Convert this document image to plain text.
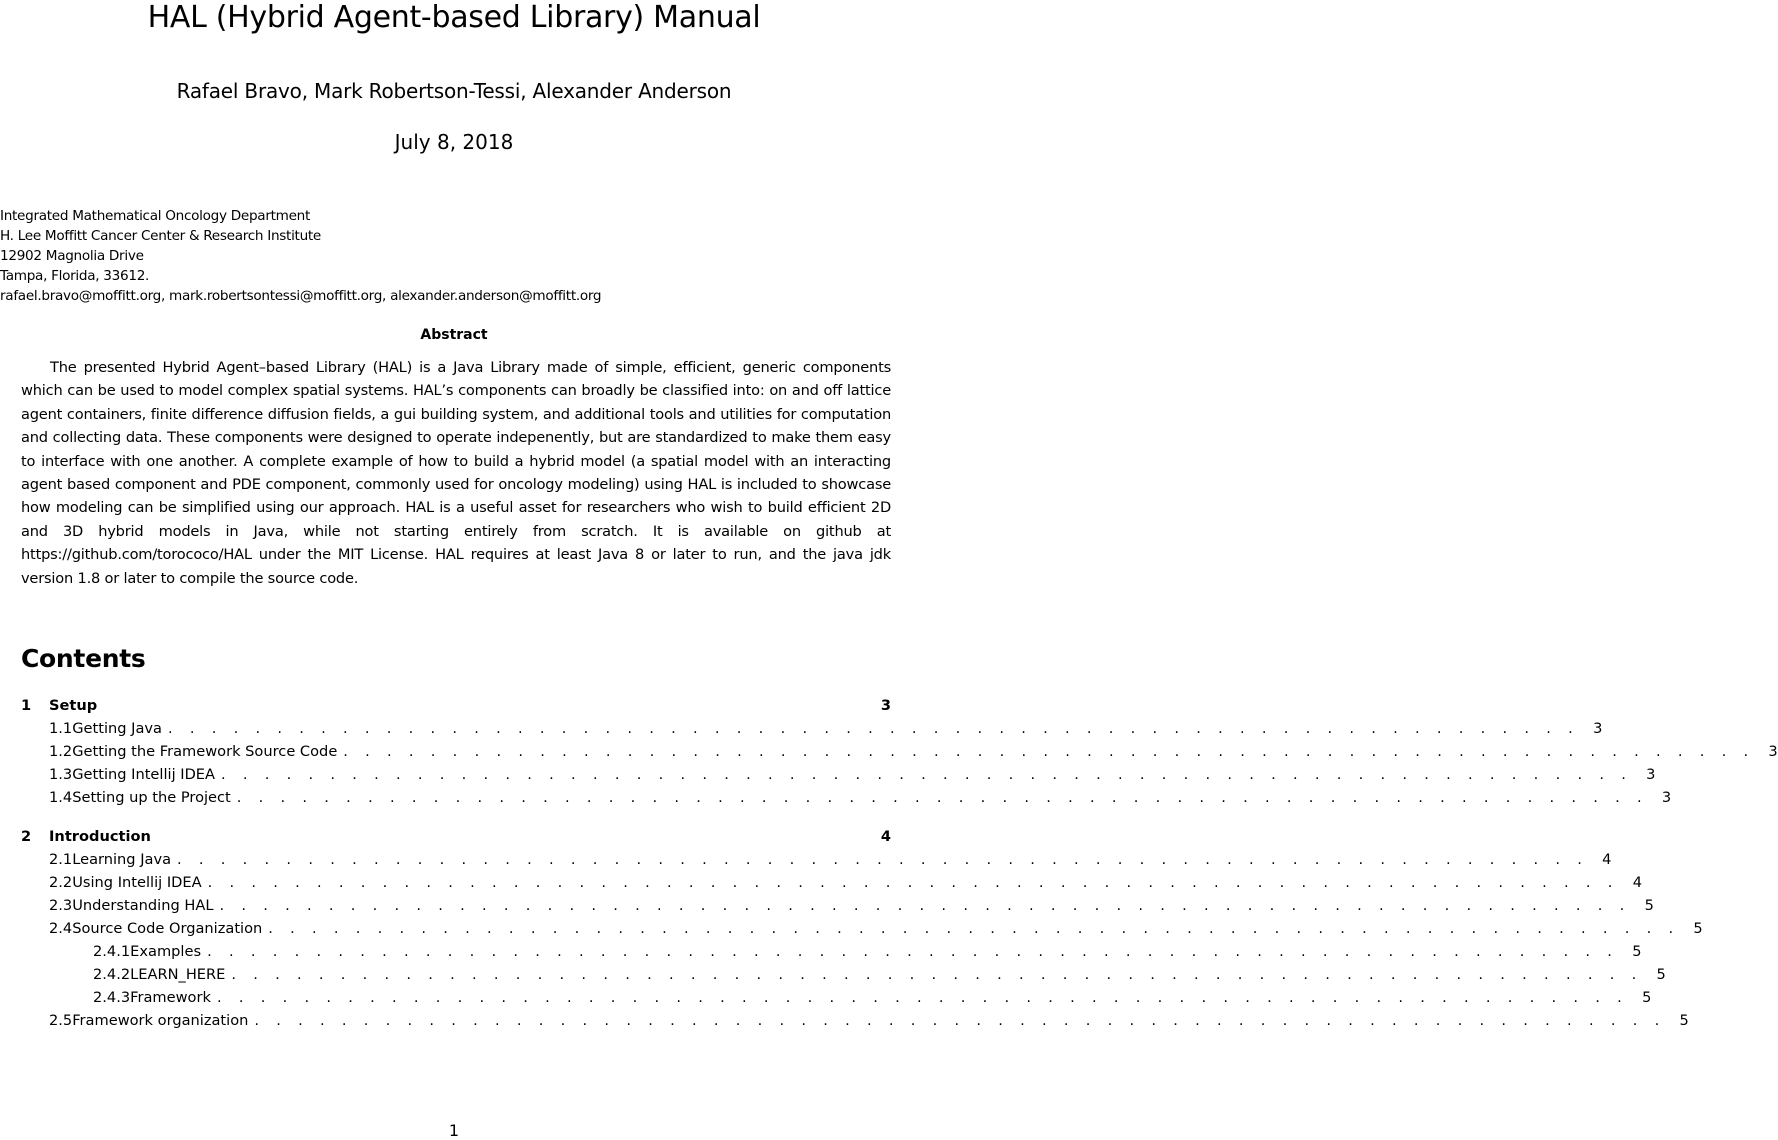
HAL (Hybrid Agent-based Library) Manual
Rafael Bravo, Mark Robertson-Tessi, Alexander Anderson
July 8, 2018
Integrated Mathematical Oncology Department
H. Lee Moffitt Cancer Center & Research Institute
12902 Magnolia Drive
Tampa, Florida, 33612.
rafael.bravo@moffitt.org, mark.robertsontessi@moffitt.org, alexander.anderson@moffitt.org
Abstract

The presented Hybrid Agent–based Library (HAL) is a Java Library made of simple, efficient, generic components which can be used to model complex spatial systems. HAL’s components can broadly be classified into: on and off lattice agent containers, finite difference diffusion fields, a gui building system, and additional tools and utilities for computation and collecting data. These components were designed to operate indepenently, but are standardized to make them easy to interface with one another. A complete example of how to build a hybrid model (a spatial model with an interacting agent based component and PDE component, commonly used for oncology modeling) using HAL is included to showcase how modeling can be simplified using our approach. HAL is a useful asset for researchers who wish to build efficient 2D and 3D hybrid models in Java, while not starting entirely from scratch. It is available on github at https://github.com/torococo/HAL under the MIT License. HAL requires at least Java 8 or later to run, and the java jdk version 1.8 or later to compile the source code.

Contents
1	Setup	3
1.1 Getting Java . . . . . . . . . . . . . . . . . . . . . . . . . . . . . . . . . . . . . . . . . . . . . . . . . . . . . . . . . . . . . . . . . 3
1.2 Getting the Framework Source Code . . . . . . . . . . . . . . . . . . . . . . . . . . . . . . . . . . . . . . . . . . . . . . . . . . . . . . . . . . . . . . . . . 3
1.3 Getting Intellij IDEA . . . . . . . . . . . . . . . . . . . . . . . . . . . . . . . . . . . . . . . . . . . . . . . . . . . . . . . . . . . . . . . . . 3
1.4 Setting up the Project . . . . . . . . . . . . . . . . . . . . . . . . . . . . . . . . . . . . . . . . . . . . . . . . . . . . . . . . . . . . . . . . . 3
2	Introduction	4
2.1 Learning Java . . . . . . . . . . . . . . . . . . . . . . . . . . . . . . . . . . . . . . . . . . . . . . . . . . . . . . . . . . . . . . . . . 4
2.2 Using Intellij IDEA . . . . . . . . . . . . . . . . . . . . . . . . . . . . . . . . . . . . . . . . . . . . . . . . . . . . . . . . . . . . . . . . . 4
2.3 Understanding HAL . . . . . . . . . . . . . . . . . . . . . . . . . . . . . . . . . . . . . . . . . . . . . . . . . . . . . . . . . . . . . . . . . 5
2.4 Source Code Organization . . . . . . . . . . . . . . . . . . . . . . . . . . . . . . . . . . . . . . . . . . . . . . . . . . . . . . . . . . . . . . . . . 5
2.4.1 Examples . . . . . . . . . . . . . . . . . . . . . . . . . . . . . . . . . . . . . . . . . . . . . . . . . . . . . . . . . . . . . . . . . 5
2.4.2 LEARN_HERE . . . . . . . . . . . . . . . . . . . . . . . . . . . . . . . . . . . . . . . . . . . . . . . . . . . . . . . . . . . . . . . . . 5
2.4.3 Framework . . . . . . . . . . . . . . . . . . . . . . . . . . . . . . . . . . . . . . . . . . . . . . . . . . . . . . . . . . . . . . . . . 5
2.5 Framework organization . . . . . . . . . . . . . . . . . . . . . . . . . . . . . . . . . . . . . . . . . . . . . . . . . . . . . . . . . . . . . . . . . 5
1
